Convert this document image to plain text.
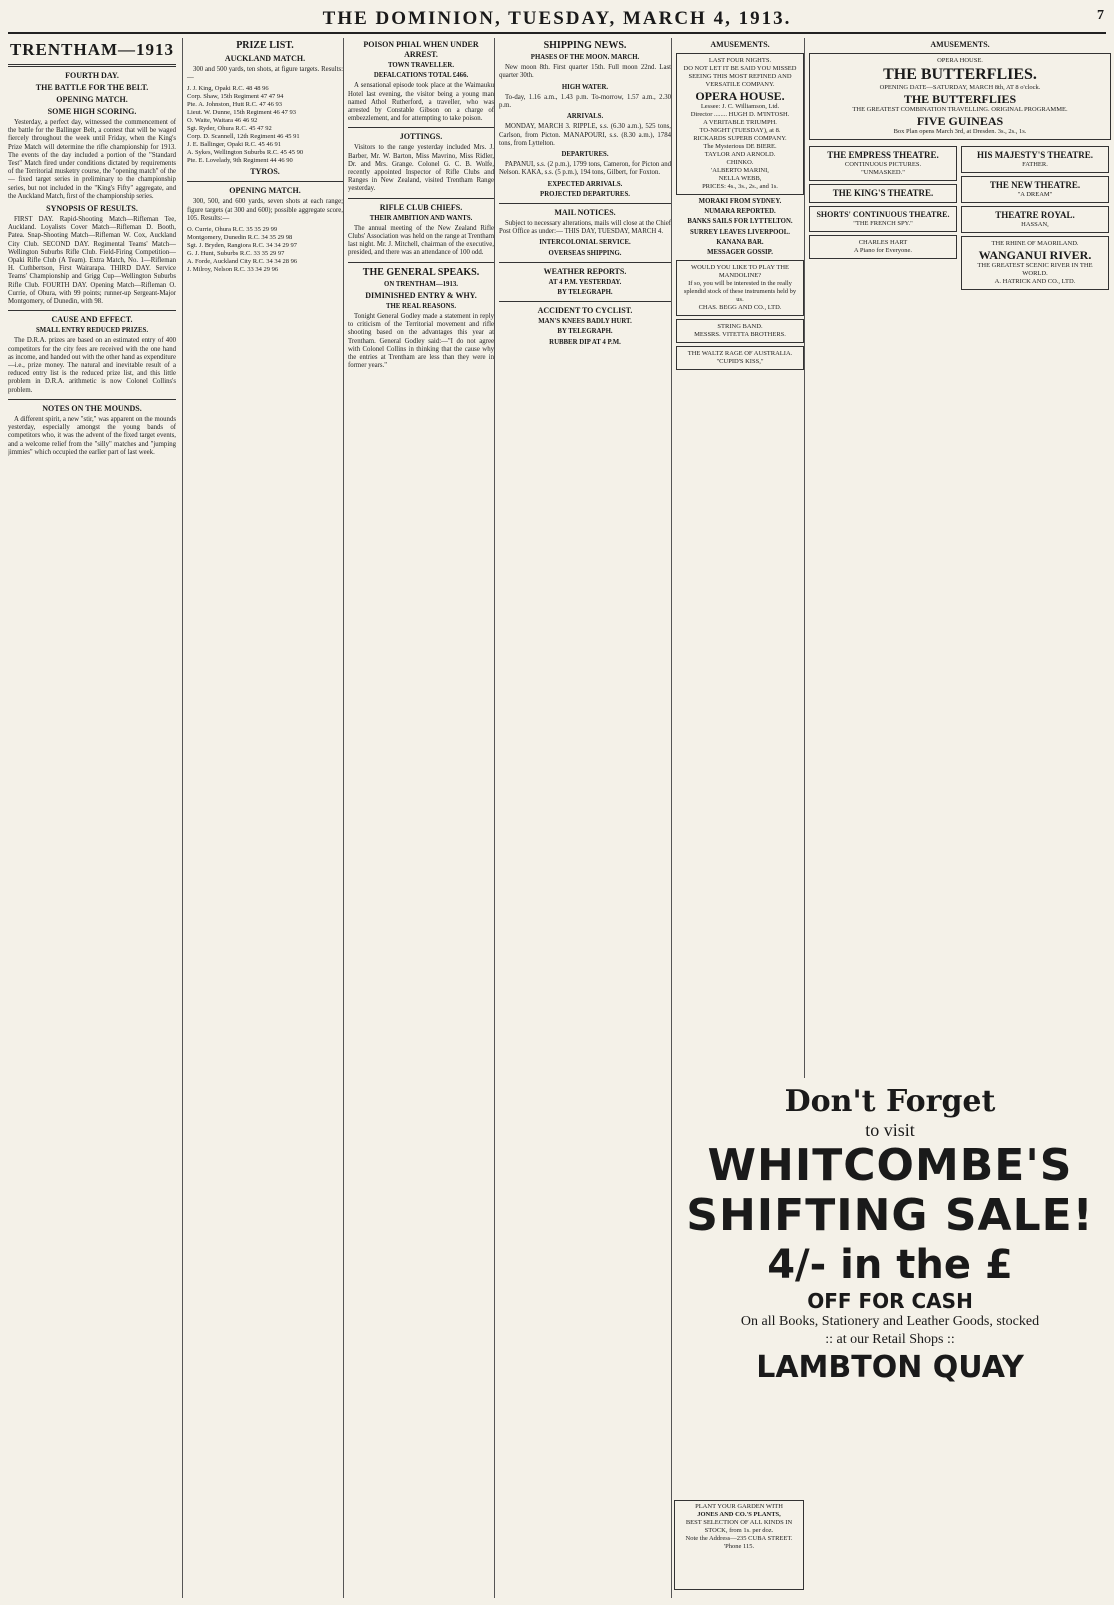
THE DOMINION, TUESDAY, MARCH 4, 1913.	7
TRENTHAM—1913
FOURTH DAY.
THE BATTLE FOR THE BELT.
OPENING MATCH.
SOME HIGH SCORING.

Yesterday, a perfect day, witnessed the commencement of the battle for the Ballinger Belt, a contest that will be waged fiercely throughout the week until Friday, when the King's Prize Match will determine the rifle championship for 1913. The events of the day included a portion of the "Standard Test" Match fired under conditions dictated by requirements of the Territorial musketry course, the "opening match" of the — fixed target series in preliminary to the championship series, but not included in the "King's Fifty" aggregate, and the Auckland Match, first of the championship series.

SYNOPSIS OF RESULTS.

FIRST DAY. Rapid-Shooting Match—Rifleman Tee, Auckland. Loyalists Cover Match—Rifleman D. Booth, Patea. Snap-Shooting Match—Rifleman W. Cox, Auckland City Club. SECOND DAY. Regimental Teams' Match—Wellington Suburbs Rifle Club. Field-Firing Competition—Opaki Rifle Club (A Team). Extra Match, No. 1—Rifleman H. Cuthbertson, First Wairarapa. THIRD DAY. Service Teams' Championship and Grigg Cup—Wellington Suburbs Rifle Club. FOURTH DAY. Opening Match—Rifleman O. Currie, of Ohura, with 99 points; runner-up Sergeant-Major Montgomery, of Dunedin, with 98.

CAUSE AND EFFECT.
SMALL ENTRY REDUCED PRIZES.

The D.R.A. prizes are based on an estimated entry of 400 competitors for the city fees are received with the one hand as income, and handed out with the other hand as expenditure—i.e., prize money. The natural and inevitable result of a reduced entry list is the reduced prize list, and this little problem in D.R.A. arithmetic is now Colonel Collins's problem.

NOTES ON THE MOUNDS.

A different spirit, a new "stir," was apparent on the mounds yesterday, especially amongst the young bands of competitors who, it was the advent of the fixed target events, and a welcome relief from the "silly" matches and "jumping jimmies" which occupied the earlier part of last week.

PRIZE LIST.
AUCKLAND MATCH.

300 and 500 yards, ten shots, at figure targets. Results:—

J. J. King, Opaki R.C. 48 48 96
Corp. Shaw, 15th Regiment 47 47 94
Pte. A. Johnston, Hutt R.C. 47 46 93
Lieut. W. Dunne, 15th Regiment 46 47 93
O. Waite, Waitara 46 46 92
Sgt. Ryder, Ohura R.C. 45 47 92
Corp. D. Scannell, 12th Regiment 46 45 91
J. E. Ballinger, Opaki R.C. 45 46 91
A. Sykes, Wellington Suburbs R.C. 45 45 90
Pte. E. Lovelady, 9th Regiment 44 46 90
TYROS.
OPENING MATCH.

300, 500, and 600 yards, seven shots at each range; figure targets (at 300 and 600); possible aggregate score, 105. Results:—

O. Currie, Ohura R.C. 35 35 29 99
Montgomery, Dunedin R.C. 34 35 29 98
Sgt. J. Bryden, Rangiora R.C. 34 34 29 97
G. J. Hunt, Suburbs R.C. 33 35 29 97
A. Forde, Auckland City R.C. 34 34 28 96
J. Milroy, Nelson R.C. 33 34 29 96
POISON PHIAL WHEN UNDER ARREST.
TOWN TRAVELLER.
DEFALCATIONS TOTAL £466.

A sensational episode took place at the Waimauku Hotel last evening, the visitor being a young man named Athol Rutherford, a traveller, who was arrested by Constable Gibson on a charge of embezzlement, and for attempting to take poison.

JOTTINGS.

Visitors to the range yesterday included Mrs. J. Barber, Mr. W. Barton, Miss Mavrino, Miss Ridler, Dr. and Mrs. Grange. Colonel G. C. B. Wolfe, recently appointed Inspector of Rifle Clubs and Ranges in New Zealand, visited Trentham Range yesterday.

RIFLE CLUB CHIEFS.
THEIR AMBITION AND WANTS.

The annual meeting of the New Zealand Rifle Clubs' Association was held on the range at Trentham last night. Mr. J. Mitchell, chairman of the executive, presided, and there was an attendance of 100 odd.

THE GENERAL SPEAKS.
ON TRENTHAM—1913.
DIMINISHED ENTRY & WHY.
THE REAL REASONS.

Tonight General Godley made a statement in reply to criticism of the Territorial movement and rifle shooting based on the advantages this year at Trentham. General Godley said:—"I do not agree with Colonel Collins in thinking that the cause why the entries at Trentham are less than they were in former years."

SHIPPING NEWS.
PHASES OF THE MOON. MARCH.

New moon 8th. First quarter 15th. Full moon 22nd. Last quarter 30th.

HIGH WATER.

To-day, 1.16 a.m., 1.43 p.m. To-morrow, 1.57 a.m., 2.30 p.m.

ARRIVALS.

MONDAY, MARCH 3. RIPPLE, s.s. (6.30 a.m.), 525 tons, Carlson, from Picton. MANAPOURI, s.s. (8.30 a.m.), 1784 tons, from Lyttelton.

DEPARTURES.

PAPANUI, s.s. (2 p.m.), 1799 tons, Cameron, for Picton and Nelson. KAKA, s.s. (5 p.m.), 194 tons, Gilbert, for Foxton.

EXPECTED ARRIVALS.
PROJECTED DEPARTURES.
MAIL NOTICES.

Subject to necessary alterations, mails will close at the Chief Post Office as under:— THIS DAY, TUESDAY, MARCH 4.

INTERCOLONIAL SERVICE.
OVERSEAS SHIPPING.
WEATHER REPORTS.
AT 4 P.M. YESTERDAY.
BY TELEGRAPH.
ACCIDENT TO CYCLIST.
MAN'S KNEES BADLY HURT.
BY TELEGRAPH.
RUBBER DIP AT 4 P.M.
AMUSEMENTS.
LAST FOUR NIGHTS.
DO NOT LET IT BE SAID YOU MISSED SEEING THIS MOST REFINED AND VERSATILE COMPANY.
OPERA HOUSE.
Lessee: J. C. Williamson, Ltd.
Director ........ HUGH D. M'INTOSH.
A VERITABLE TRIUMPH.
TO-NIGHT (TUESDAY), at 8.
RICKARDS SUPERB COMPANY.
The Mysterious DE BIERE.
TAYLOR AND ARNOLD.
CHINKO.
'ALBERTO MARINI,
NELLA WEBB,
PRICES: 4s., 3s., 2s., and 1s.
MORAKI FROM SYDNEY.
NUMARA REPORTED.
BANKS SAILS FOR LYTTELTON.
SURREY LEAVES LIVERPOOL.
KANANA BAR.
MESSAGER GOSSIP.
WOULD YOU LIKE TO PLAY THE MANDOLINE?
If so, you will be interested in the really splendid stock of these instruments held by us.
CHAS. BEGG AND CO., LTD.
STRING BAND.
MESSRS. VITETTA BROTHERS.
THE WALTZ RAGE OF AUSTRALIA.
"CUPID'S KISS,"
AMUSEMENTS.
OPERA HOUSE.
THE BUTTERFLIES.
OPENING DATE—SATURDAY, MARCH 8th, AT 8 o'clock.
THE BUTTERFLIES
THE GREATEST COMBINATION TRAVELLING. ORIGINAL PROGRAMME.
FIVE GUINEAS
Box Plan opens March 3rd, at Dresden. 3s., 2s., 1s.
THE EMPRESS THEATRE.
CONTINUOUS PICTURES.
"UNMASKED."
THE KING'S THEATRE.
SHORTS' CONTINUOUS THEATRE.
"THE FRENCH SPY."
CHARLES HART
A Piano for Everyone.
HIS MAJESTY'S THEATRE.
FATHER.
THE NEW THEATRE.
"A DREAM"
THEATRE ROYAL.
HASSAN,
THE RHINE OF MAORILAND.
WANGANUI RIVER.
THE GREATEST SCENIC RIVER IN THE WORLD.
A. HATRICK AND CO., LTD.
Don't Forget
to visit
WHITCOMBE'S
SHIFTING SALE!
4/- in the £
OFF FOR CASH
On all Books, Stationery and Leather Goods, stocked
:: at our Retail Shops ::
LAMBTON QUAY
PLANT YOUR GARDEN WITH
JONES AND CO.'S PLANTS,
BEST SELECTION OF ALL KINDS IN STOCK, from 1s. per doz.
Note the Address—235 CUBA STREET. 'Phone 115.
